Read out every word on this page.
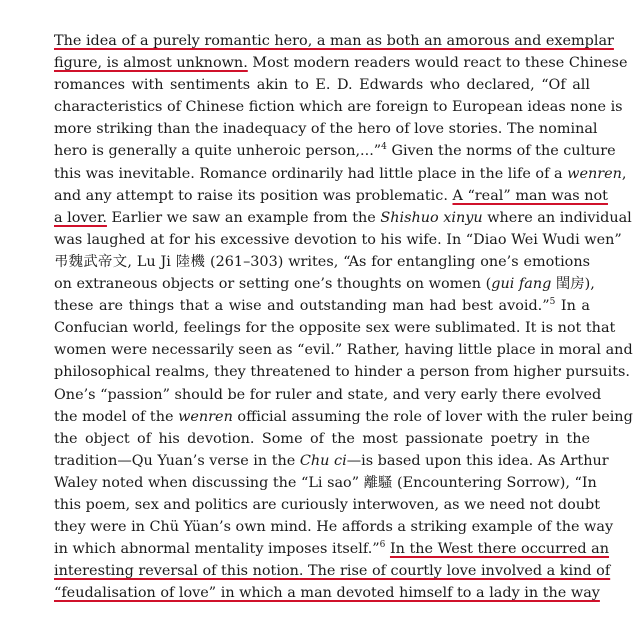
The idea of a purely romantic hero, a man as both an amorous and exemplar
figure, is almost unknown. Most modern readers would react to these Chinese
romances with sentiments akin to E. D. Edwards who declared, “Of all
characteristics of Chinese fiction which are foreign to European ideas none is
more striking than the inadequacy of the hero of love stories. The nominal
hero is generally a quite unheroic person,...”$^4$ Given the norms of the culture
this was inevitable. Romance ordinarily had little place in the life of a wenren,
and any attempt to raise its position was problematic. A “real” man was not
a lover. Earlier we saw an example from the Shishuo xinyu where an individual
was laughed at for his excessive devotion to his wife. In “Diao Wei Wudi wen”
弔魏武帝文, Lu Ji 陸機 (261–303) writes, “As for entangling one’s emotions
on extraneous objects or setting one’s thoughts on women (gui fang 閨房),
these are things that a wise and outstanding man had best avoid.”$^5$ In a
Confucian world, feelings for the opposite sex were sublimated. It is not that
women were necessarily seen as “evil.” Rather, having little place in moral and
philosophical realms, they threatened to hinder a person from higher pursuits.
One’s “passion” should be for ruler and state, and very early there evolved
the model of the wenren official assuming the role of lover with the ruler being
the object of his devotion. Some of the most passionate poetry in the
tradition—Qu Yuan’s verse in the Chu ci—is based upon this idea. As Arthur
Waley noted when discussing the “Li sao” 離騷 (Encountering Sorrow), “In
this poem, sex and politics are curiously interwoven, as we need not doubt
they were in Chü Yüan’s own mind. He affords a striking example of the way
in which abnormal mentality imposes itself.”$^6$ In the West there occurred an
interesting reversal of this notion. The rise of courtly love involved a kind of
“feudalisation of love” in which a man devoted himself to a lady in the way
